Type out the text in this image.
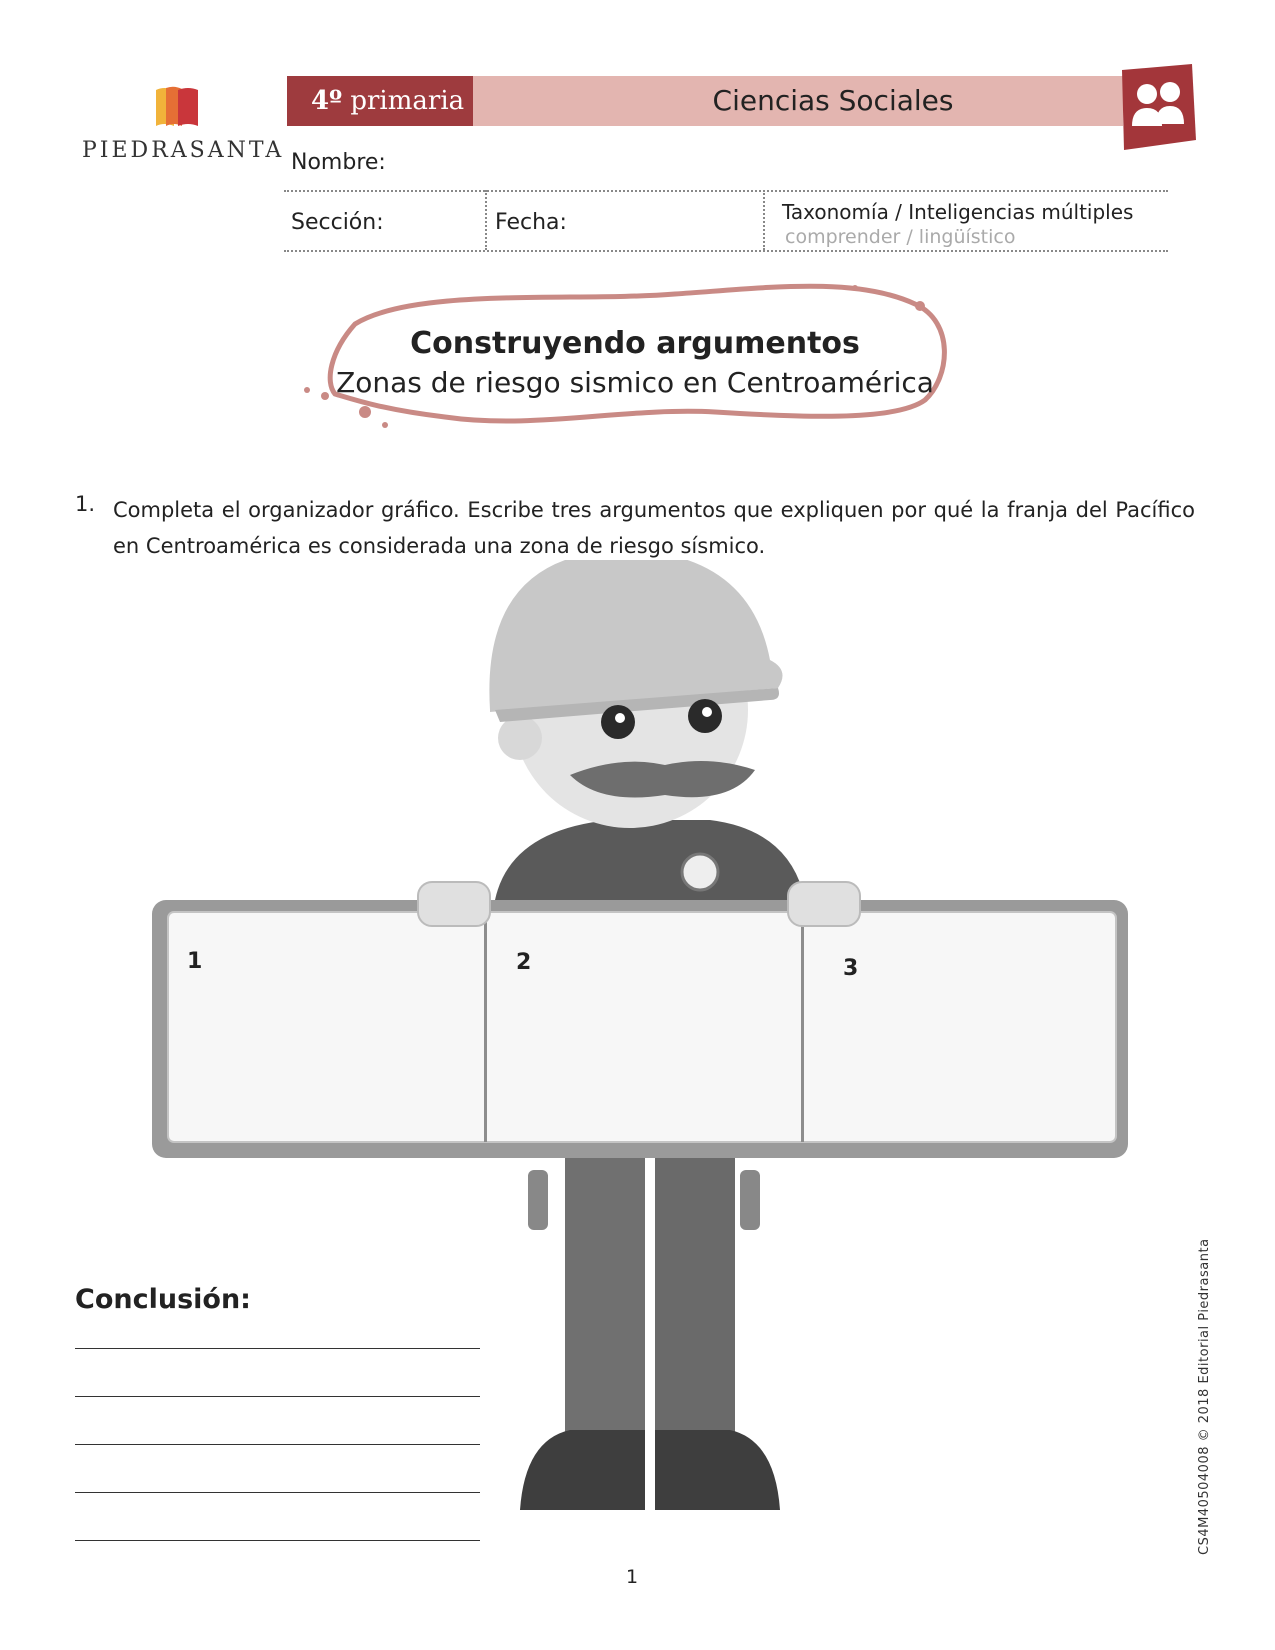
PIEDRASANTA
4º primaria	Ciencias Sociales
Nombre:
Sección:	Fecha:	Taxonomía / Inteligencias múltiples
comprender / lingüístico
Construyendo argumentos
Zonas de riesgo sismico en Centroamérica
1. Completa el organizador gráfico. Escribe tres argumentos que expliquen por qué la franja del Pacífico en Centroamérica es considerada una zona de riesgo sísmico.
1	2	3
Conclusión:
1
CS4M40504008 © 2018 Editorial Piedrasanta
